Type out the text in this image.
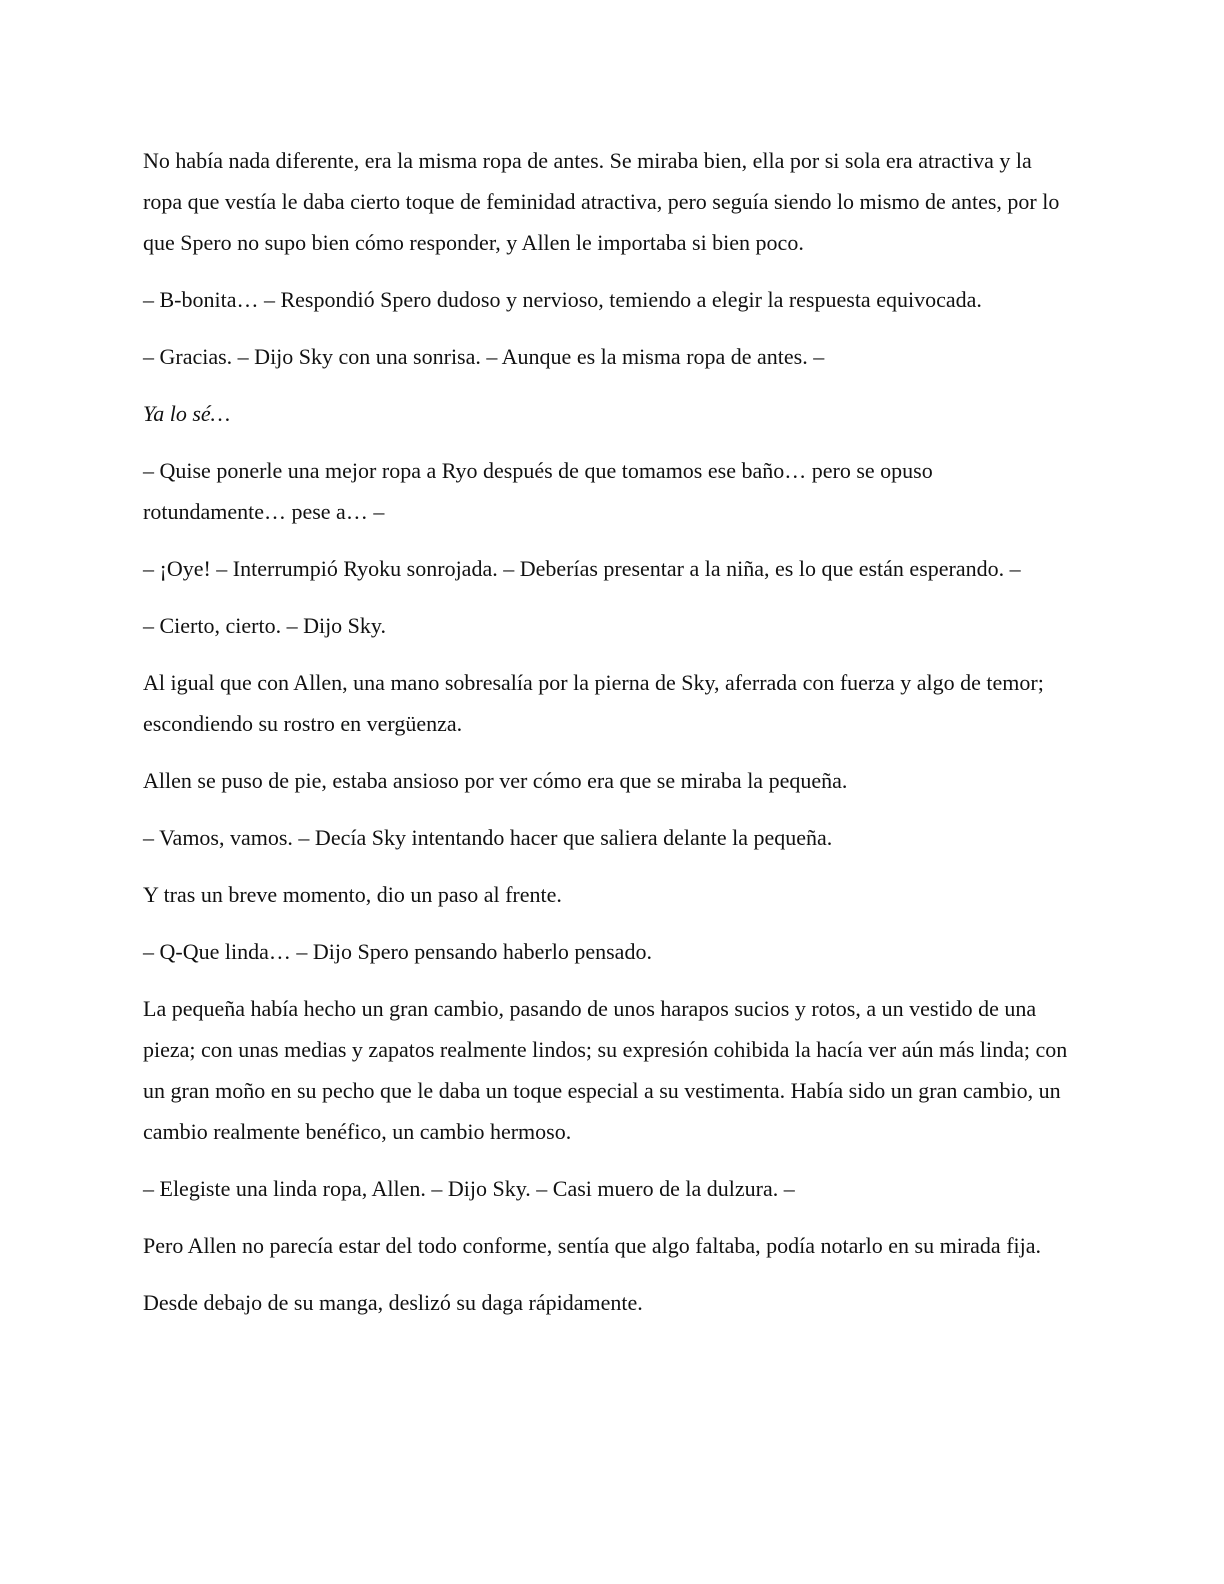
No había nada diferente, era la misma ropa de antes. Se miraba bien, ella por si sola era atractiva y la ropa que vestía le daba cierto toque de feminidad atractiva, pero seguía siendo lo mismo de antes, por lo que Spero no supo bien cómo responder, y Allen le importaba si bien poco.

– B-bonita… – Respondió Spero dudoso y nervioso, temiendo a elegir la respuesta equivocada.

– Gracias. – Dijo Sky con una sonrisa. – Aunque es la misma ropa de antes. –

Ya lo sé…

– Quise ponerle una mejor ropa a Ryo después de que tomamos ese baño… pero se opuso rotundamente… pese a… –

– ¡Oye! – Interrumpió Ryoku sonrojada. – Deberías presentar a la niña, es lo que están esperando. –

– Cierto, cierto. – Dijo Sky.

Al igual que con Allen, una mano sobresalía por la pierna de Sky, aferrada con fuerza y algo de temor; escondiendo su rostro en vergüenza.

Allen se puso de pie, estaba ansioso por ver cómo era que se miraba la pequeña.

– Vamos, vamos. – Decía Sky intentando hacer que saliera delante la pequeña.

Y tras un breve momento, dio un paso al frente.

– Q-Que linda… – Dijo Spero pensando haberlo pensado.

La pequeña había hecho un gran cambio, pasando de unos harapos sucios y rotos, a un vestido de una pieza; con unas medias y zapatos realmente lindos; su expresión cohibida la hacía ver aún más linda; con un gran moño en su pecho que le daba un toque especial a su vestimenta. Había sido un gran cambio, un cambio realmente benéfico, un cambio hermoso.

– Elegiste una linda ropa, Allen. – Dijo Sky. – Casi muero de la dulzura. –

Pero Allen no parecía estar del todo conforme, sentía que algo faltaba, podía notarlo en su mirada fija.

Desde debajo de su manga, deslizó su daga rápidamente.
